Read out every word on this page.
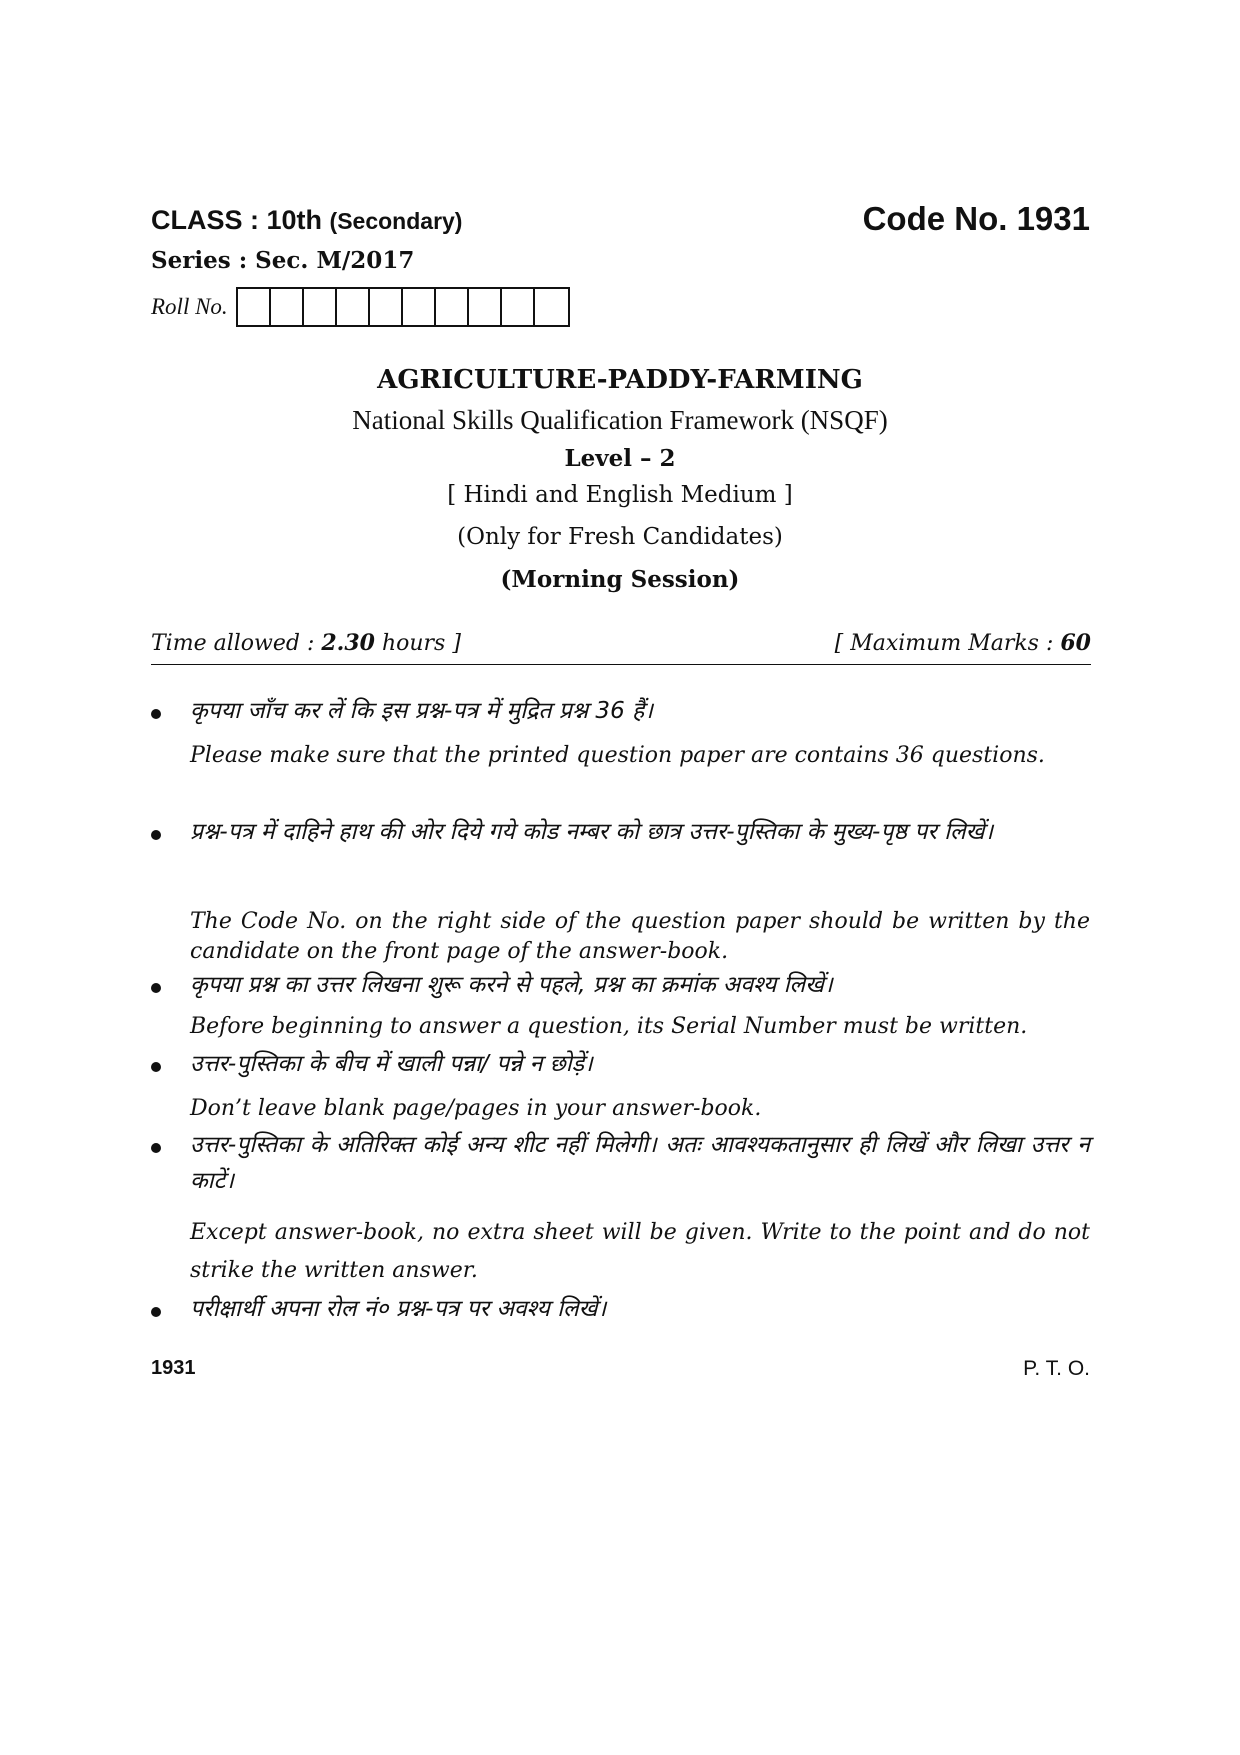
CLASS : 10th (Secondary)	Code No. 1931
Series : Sec. M/2017
Roll No.
AGRICULTURE-PADDY-FARMING
National Skills Qualification Framework (NSQF)
Level – 2
[ Hindi and English Medium ]
(Only for Fresh Candidates)
(Morning Session)
Time allowed : 2.30 hours ]	[ Maximum Marks : 60
कृपया जाँच कर लें कि इस प्रश्न-पत्र में मुद्रित प्रश्न 36 हैं।
Please make sure that the printed question paper are contains 36 questions.
प्रश्न-पत्र में दाहिने हाथ की ओर दिये गये कोड नम्बर को छात्र उत्तर-पुस्तिका के मुख्य-पृष्ठ पर लिखें।
The Code No. on the right side of the question paper should be written by the candidate on the front page of the answer-book.
कृपया प्रश्न का उत्तर लिखना शुरू करने से पहले, प्रश्न का क्रमांक अवश्य लिखें।
Before beginning to answer a question, its Serial Number must be written.
उत्तर-पुस्तिका के बीच में खाली पन्ना/ पन्ने न छोड़ें।
Don’t leave blank page/pages in your answer-book.
उत्तर-पुस्तिका के अतिरिक्त कोई अन्य शीट नहीं मिलेगी। अतः आवश्यकतानुसार ही लिखें और लिखा उत्तर न काटें।
Except answer-book, no extra sheet will be given. Write to the point and do not strike the written answer.
परीक्षार्थी अपना रोल नं० प्रश्न-पत्र पर अवश्य लिखें।
1931	P. T. O.
